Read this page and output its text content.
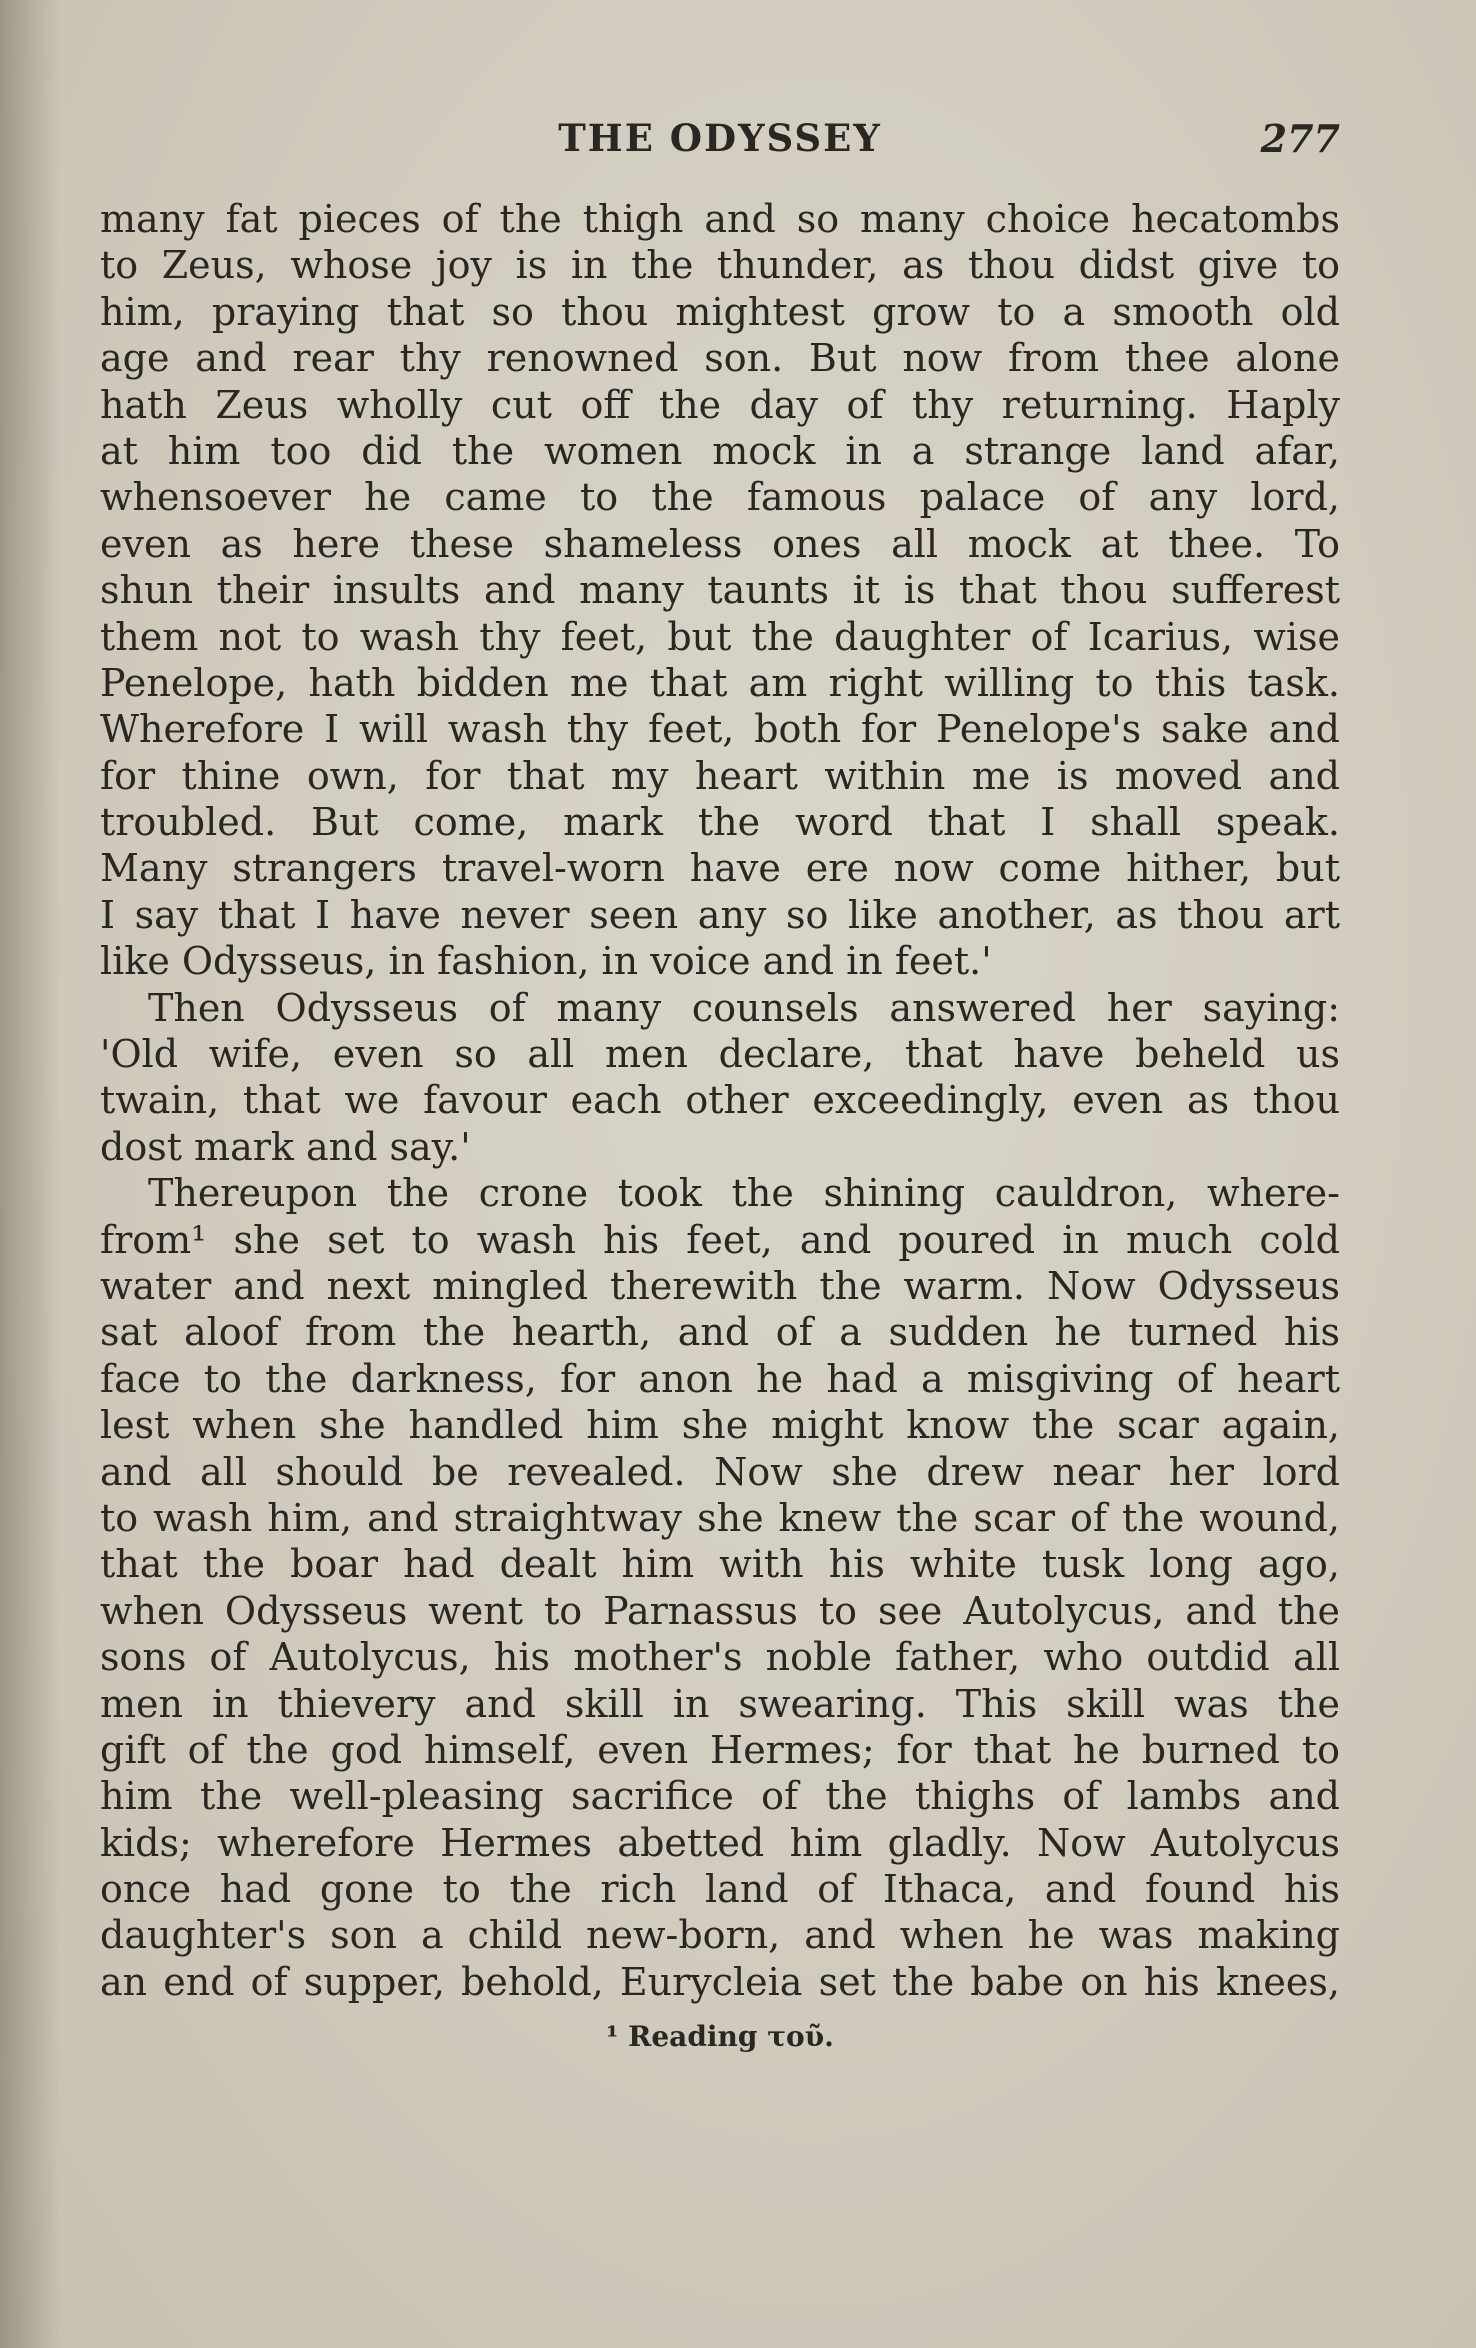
THE ODYSSEY	277
many fat pieces of the thigh and so many choice hecatombs
to Zeus, whose joy is in the thunder, as thou didst give to
him, praying that so thou mightest grow to a smooth old
age and rear thy renowned son. But now from thee alone
hath Zeus wholly cut off the day of thy returning. Haply
at him too did the women mock in a strange land afar,
whensoever he came to the famous palace of any lord,
even as here these shameless ones all mock at thee. To
shun their insults and many taunts it is that thou sufferest
them not to wash thy feet, but the daughter of Icarius, wise
Penelope, hath bidden me that am right willing to this task.
Wherefore I will wash thy feet, both for Penelope's sake and
for thine own, for that my heart within me is moved and
troubled. But come, mark the word that I shall speak.
Many strangers travel-worn have ere now come hither, but
I say that I have never seen any so like another, as thou art
like Odysseus, in fashion, in voice and in feet.'
Then Odysseus of many counsels answered her saying:
'Old wife, even so all men declare, that have beheld us
twain, that we favour each other exceedingly, even as thou
dost mark and say.'
Thereupon the crone took the shining cauldron, where-
from¹ she set to wash his feet, and poured in much cold
water and next mingled therewith the warm. Now Odysseus
sat aloof from the hearth, and of a sudden he turned his
face to the darkness, for anon he had a misgiving of heart
lest when she handled him she might know the scar again,
and all should be revealed. Now she drew near her lord
to wash him, and straightway she knew the scar of the wound,
that the boar had dealt him with his white tusk long ago,
when Odysseus went to Parnassus to see Autolycus, and the
sons of Autolycus, his mother's noble father, who outdid all
men in thievery and skill in swearing. This skill was the
gift of the god himself, even Hermes; for that he burned to
him the well-pleasing sacrifice of the thighs of lambs and
kids; wherefore Hermes abetted him gladly. Now Autolycus
once had gone to the rich land of Ithaca, and found his
daughter's son a child new-born, and when he was making
an end of supper, behold, Eurycleia set the babe on his knees,
¹ Reading τοῦ.
